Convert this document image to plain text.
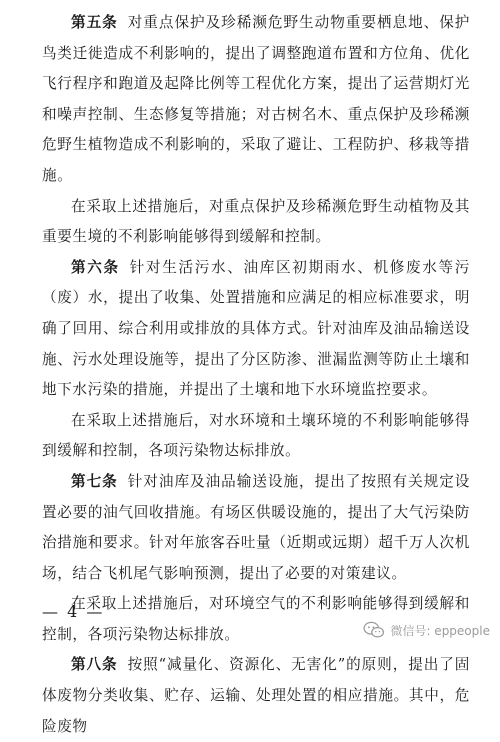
第五条 对重点保护及珍稀濒危野生动物重要栖息地、保护鸟类迁徙造成不利影响的，提出了调整跑道布置和方位角、优化飞行程序和跑道及起降比例等工程优化方案，提出了运营期灯光和噪声控制、生态修复等措施；对古树名木、重点保护及珍稀濒危野生植物造成不利影响的，采取了避让、工程防护、移栽等措施。

在采取上述措施后，对重点保护及珍稀濒危野生动植物及其重要生境的不利影响能够得到缓解和控制。

第六条 针对生活污水、油库区初期雨水、机修废水等污（废）水，提出了收集、处置措施和应满足的相应标准要求，明确了回用、综合利用或排放的具体方式。针对油库及油品输送设施、污水处理设施等，提出了分区防渗、泄漏监测等防止土壤和地下水污染的措施，并提出了土壤和地下水环境监控要求。

在采取上述措施后，对水环境和土壤环境的不利影响能够得到缓解和控制，各项污染物达标排放。

第七条 针对油库及油品输送设施，提出了按照有关规定设置必要的油气回收措施。有场区供暖设施的，提出了大气污染防治措施和要求。针对年旅客吞吐量（近期或远期）超千万人次机场，结合飞机尾气影响预测，提出了必要的对策建议。

在采取上述措施后，对环境空气的不利影响能够得到缓解和控制，各项污染物达标排放。

第八条 按照“减量化、资源化、无害化”的原则，提出了固体废物分类收集、贮存、运输、处理处置的相应措施。其中，危险废物

— 4 —
微信号: eppeople
